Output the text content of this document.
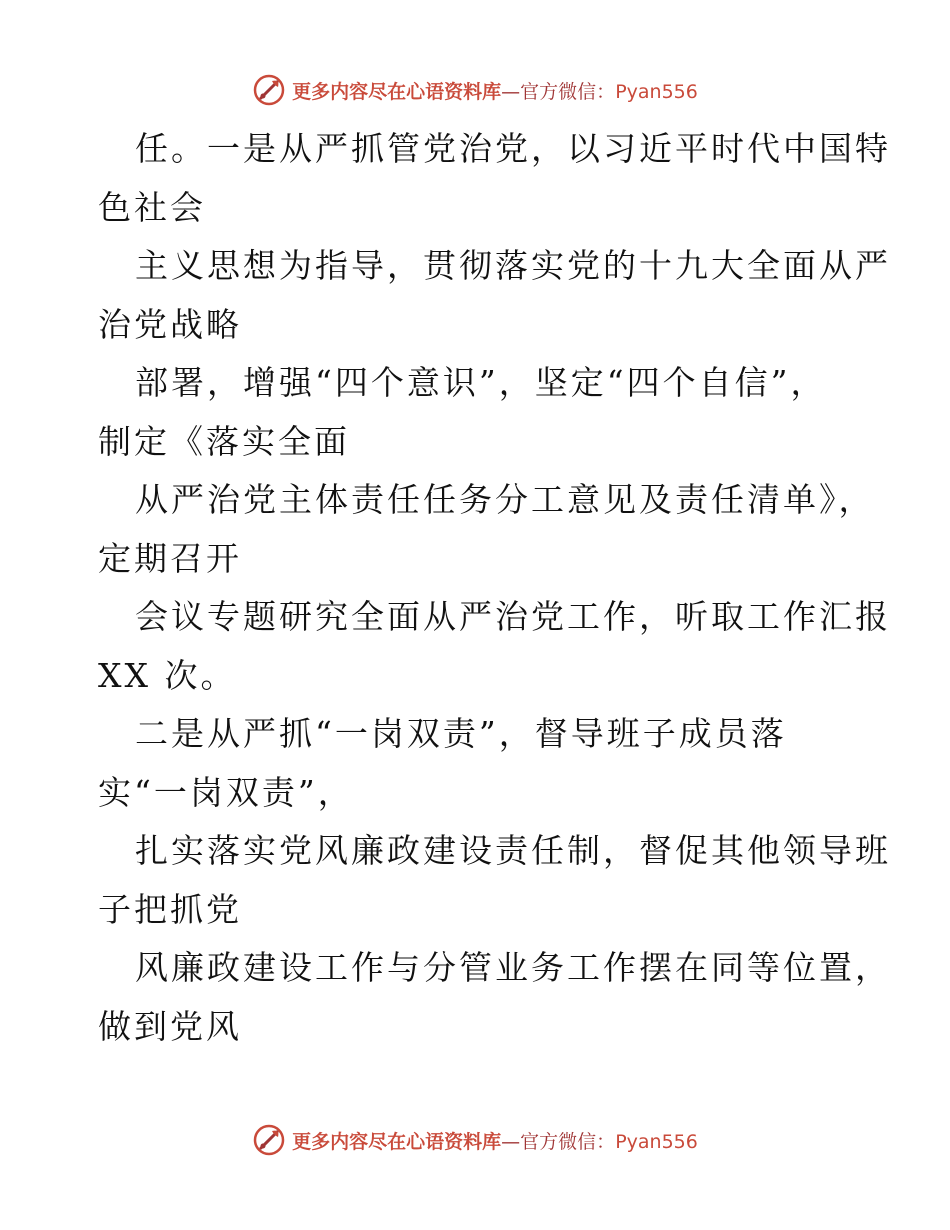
更多内容尽在心语资料库—官方微信：Pyan556
任。一是从严抓管党治党，以习近平时代中国特
色社会
主义思想为指导，贯彻落实党的十九大全面从严
治党战略
部署，增强“四个意识”，坚定“四个自信”，
制定《落实全面
从严治党主体责任任务分工意见及责任清单》，
定期召开
会议专题研究全面从严治党工作，听取工作汇报
XX 次。
二是从严抓“一岗双责”，督导班子成员落
实“一岗双责”，
扎实落实党风廉政建设责任制，督促其他领导班
子把抓党
风廉政建设工作与分管业务工作摆在同等位置，
做到党风
更多内容尽在心语资料库—官方微信：Pyan556
